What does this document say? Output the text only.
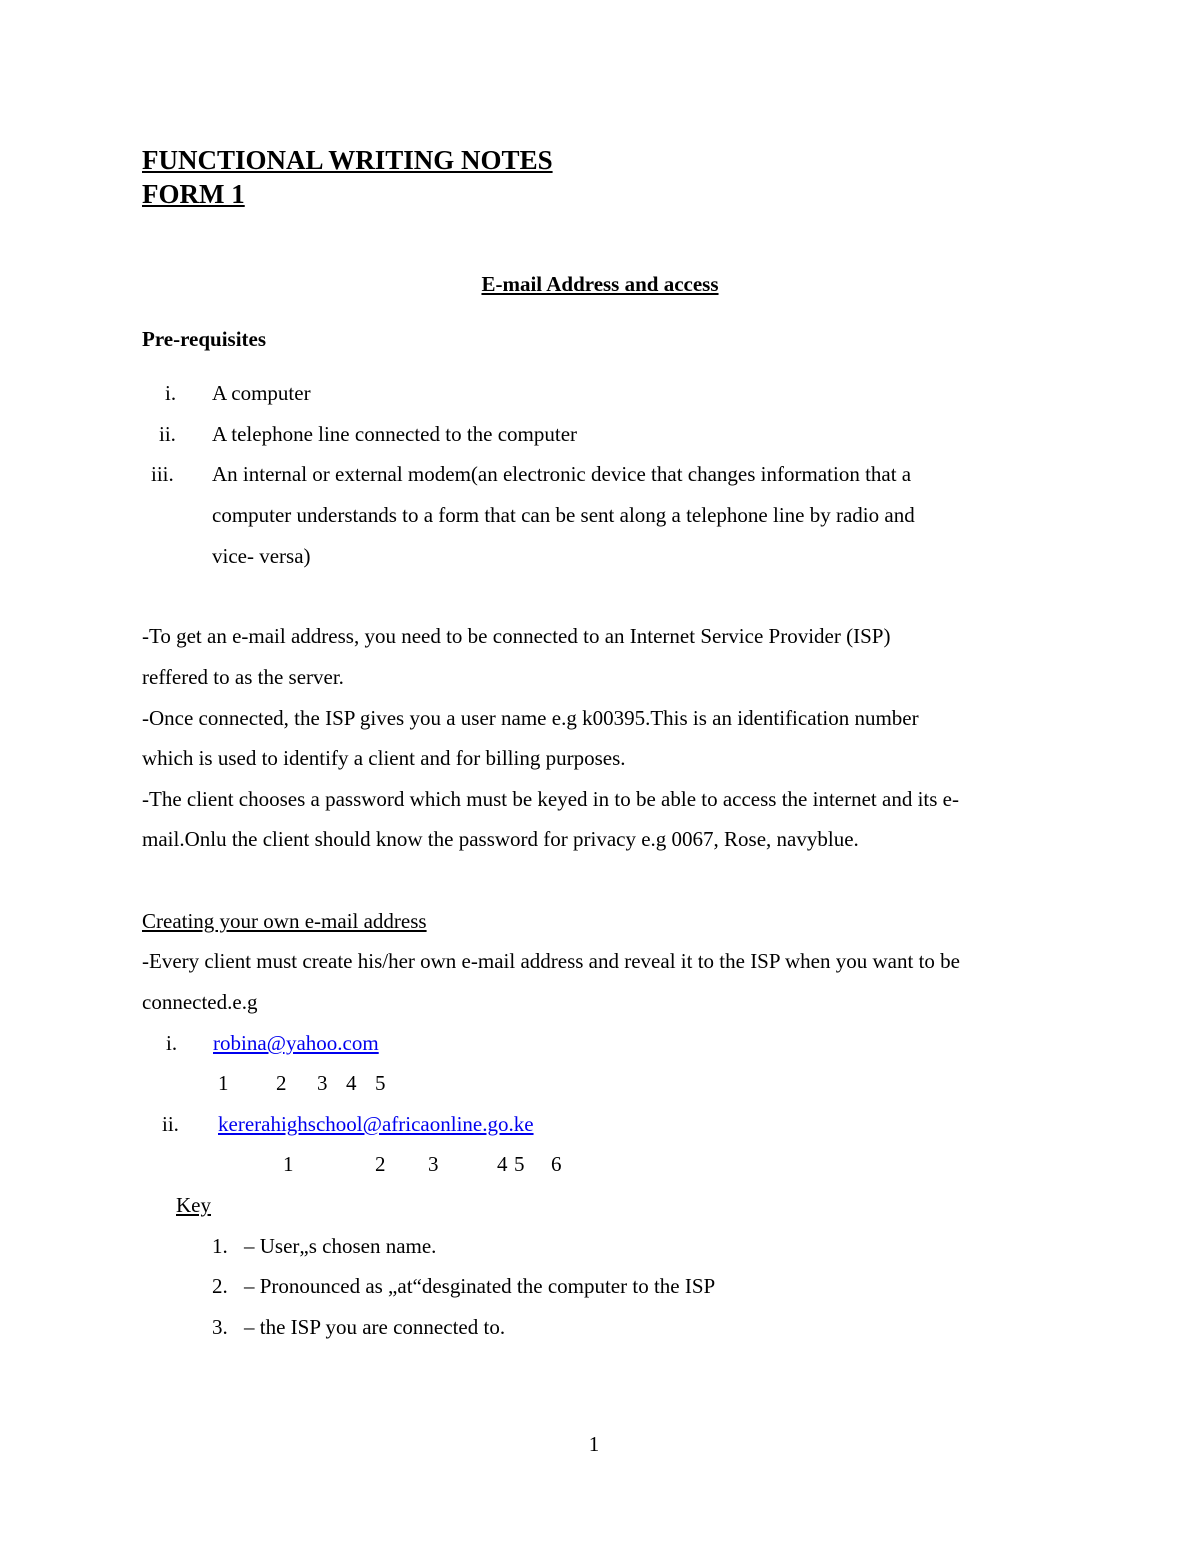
FUNCTIONAL WRITING NOTES
FORM 1
E-mail Address and access
Pre-requisites
i. A computer
ii. A telephone line connected to the computer
iii. An internal or external modem(an electronic device that changes information that a
computer understands to a form that can be sent along a telephone line by radio and
vice- versa)
-To get an e-mail address, you need to be connected to an Internet Service Provider (ISP)
reffered to as the server.
-Once connected, the ISP gives you a user name e.g k00395.This is an identification number
which is used to identify a client and for billing purposes.
-The client chooses a password which must be keyed in to be able to access the internet and its e-
mail.Onlu the client should know the password for privacy e.g 0067, Rose, navyblue.
Creating your own e-mail address
-Every client must create his/her own e-mail address and reveal it to the ISP when you want to be
connected.e.g
i. robina@yahoo.com
1 2 3 4 5
ii. kererahighschool@africaonline.go.ke
1	2 3	4 5 6
Key
1. – User„s chosen name.
2. – Pronounced as „at“desginated the computer to the ISP
3. – the ISP you are connected to.
1
